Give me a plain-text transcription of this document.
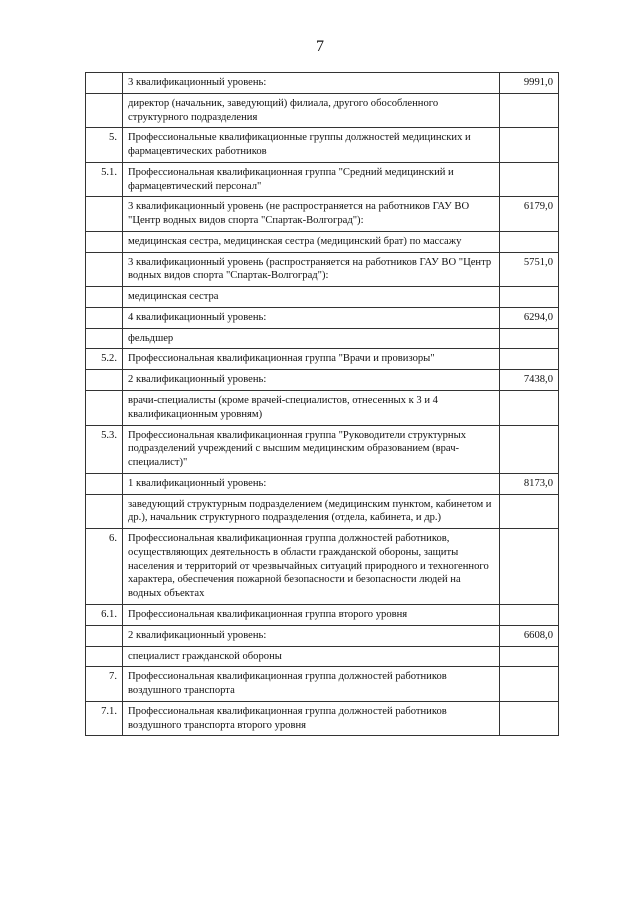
7
	3 квалификационный уровень:	9991,0
	директор (начальник, заведующий) филиала, другого обособленного структурного подразделения	
5.	Профессиональные квалификационные группы должностей медицинских и фармацевтических работников	
5.1.	Профессиональная квалификационная группа "Средний медицинский и фармацевтический персонал"	
	3 квалификационный уровень (не распространяется на работников ГАУ ВО "Центр водных видов спорта "Спартак-Волгоград"):	6179,0
	медицинская сестра, медицинская сестра (медицинский брат) по массажу	
	3 квалификационный уровень (распространяется на работников ГАУ ВО "Центр водных видов спорта "Спартак-Волгоград"):	5751,0
	медицинская сестра	
	4 квалификационный уровень:	6294,0
	фельдшер	
5.2.	Профессиональная квалификационная группа "Врачи и провизоры"	
	2 квалификационный уровень:	7438,0
	врачи-специалисты (кроме врачей-специалистов, отнесенных к 3 и 4 квалификационным уровням)	
5.3.	Профессиональная квалификационная группа "Руководители структурных подразделений учреждений с высшим медицинским образованием (врач-специалист)"	
	1 квалификационный уровень:	8173,0
	заведующий структурным подразделением (медицинским пунктом, кабинетом и др.), начальник структурного подразделения (отдела, кабинета, и др.)	
6.	Профессиональная квалификационная группа должностей работников, осуществляющих деятельность в области гражданской обороны, защиты населения и территорий от чрезвычайных ситуаций природного и техногенного характера, обеспечения пожарной безопасности и безопасности людей на водных объектах	
6.1.	Профессиональная квалификационная группа второго уровня	
	2 квалификационный уровень:	6608,0
	специалист гражданской обороны	
7.	Профессиональная квалификационная группа должностей работников воздушного транспорта	
7.1.	Профессиональная квалификационная группа должностей работников воздушного транспорта второго уровня	
